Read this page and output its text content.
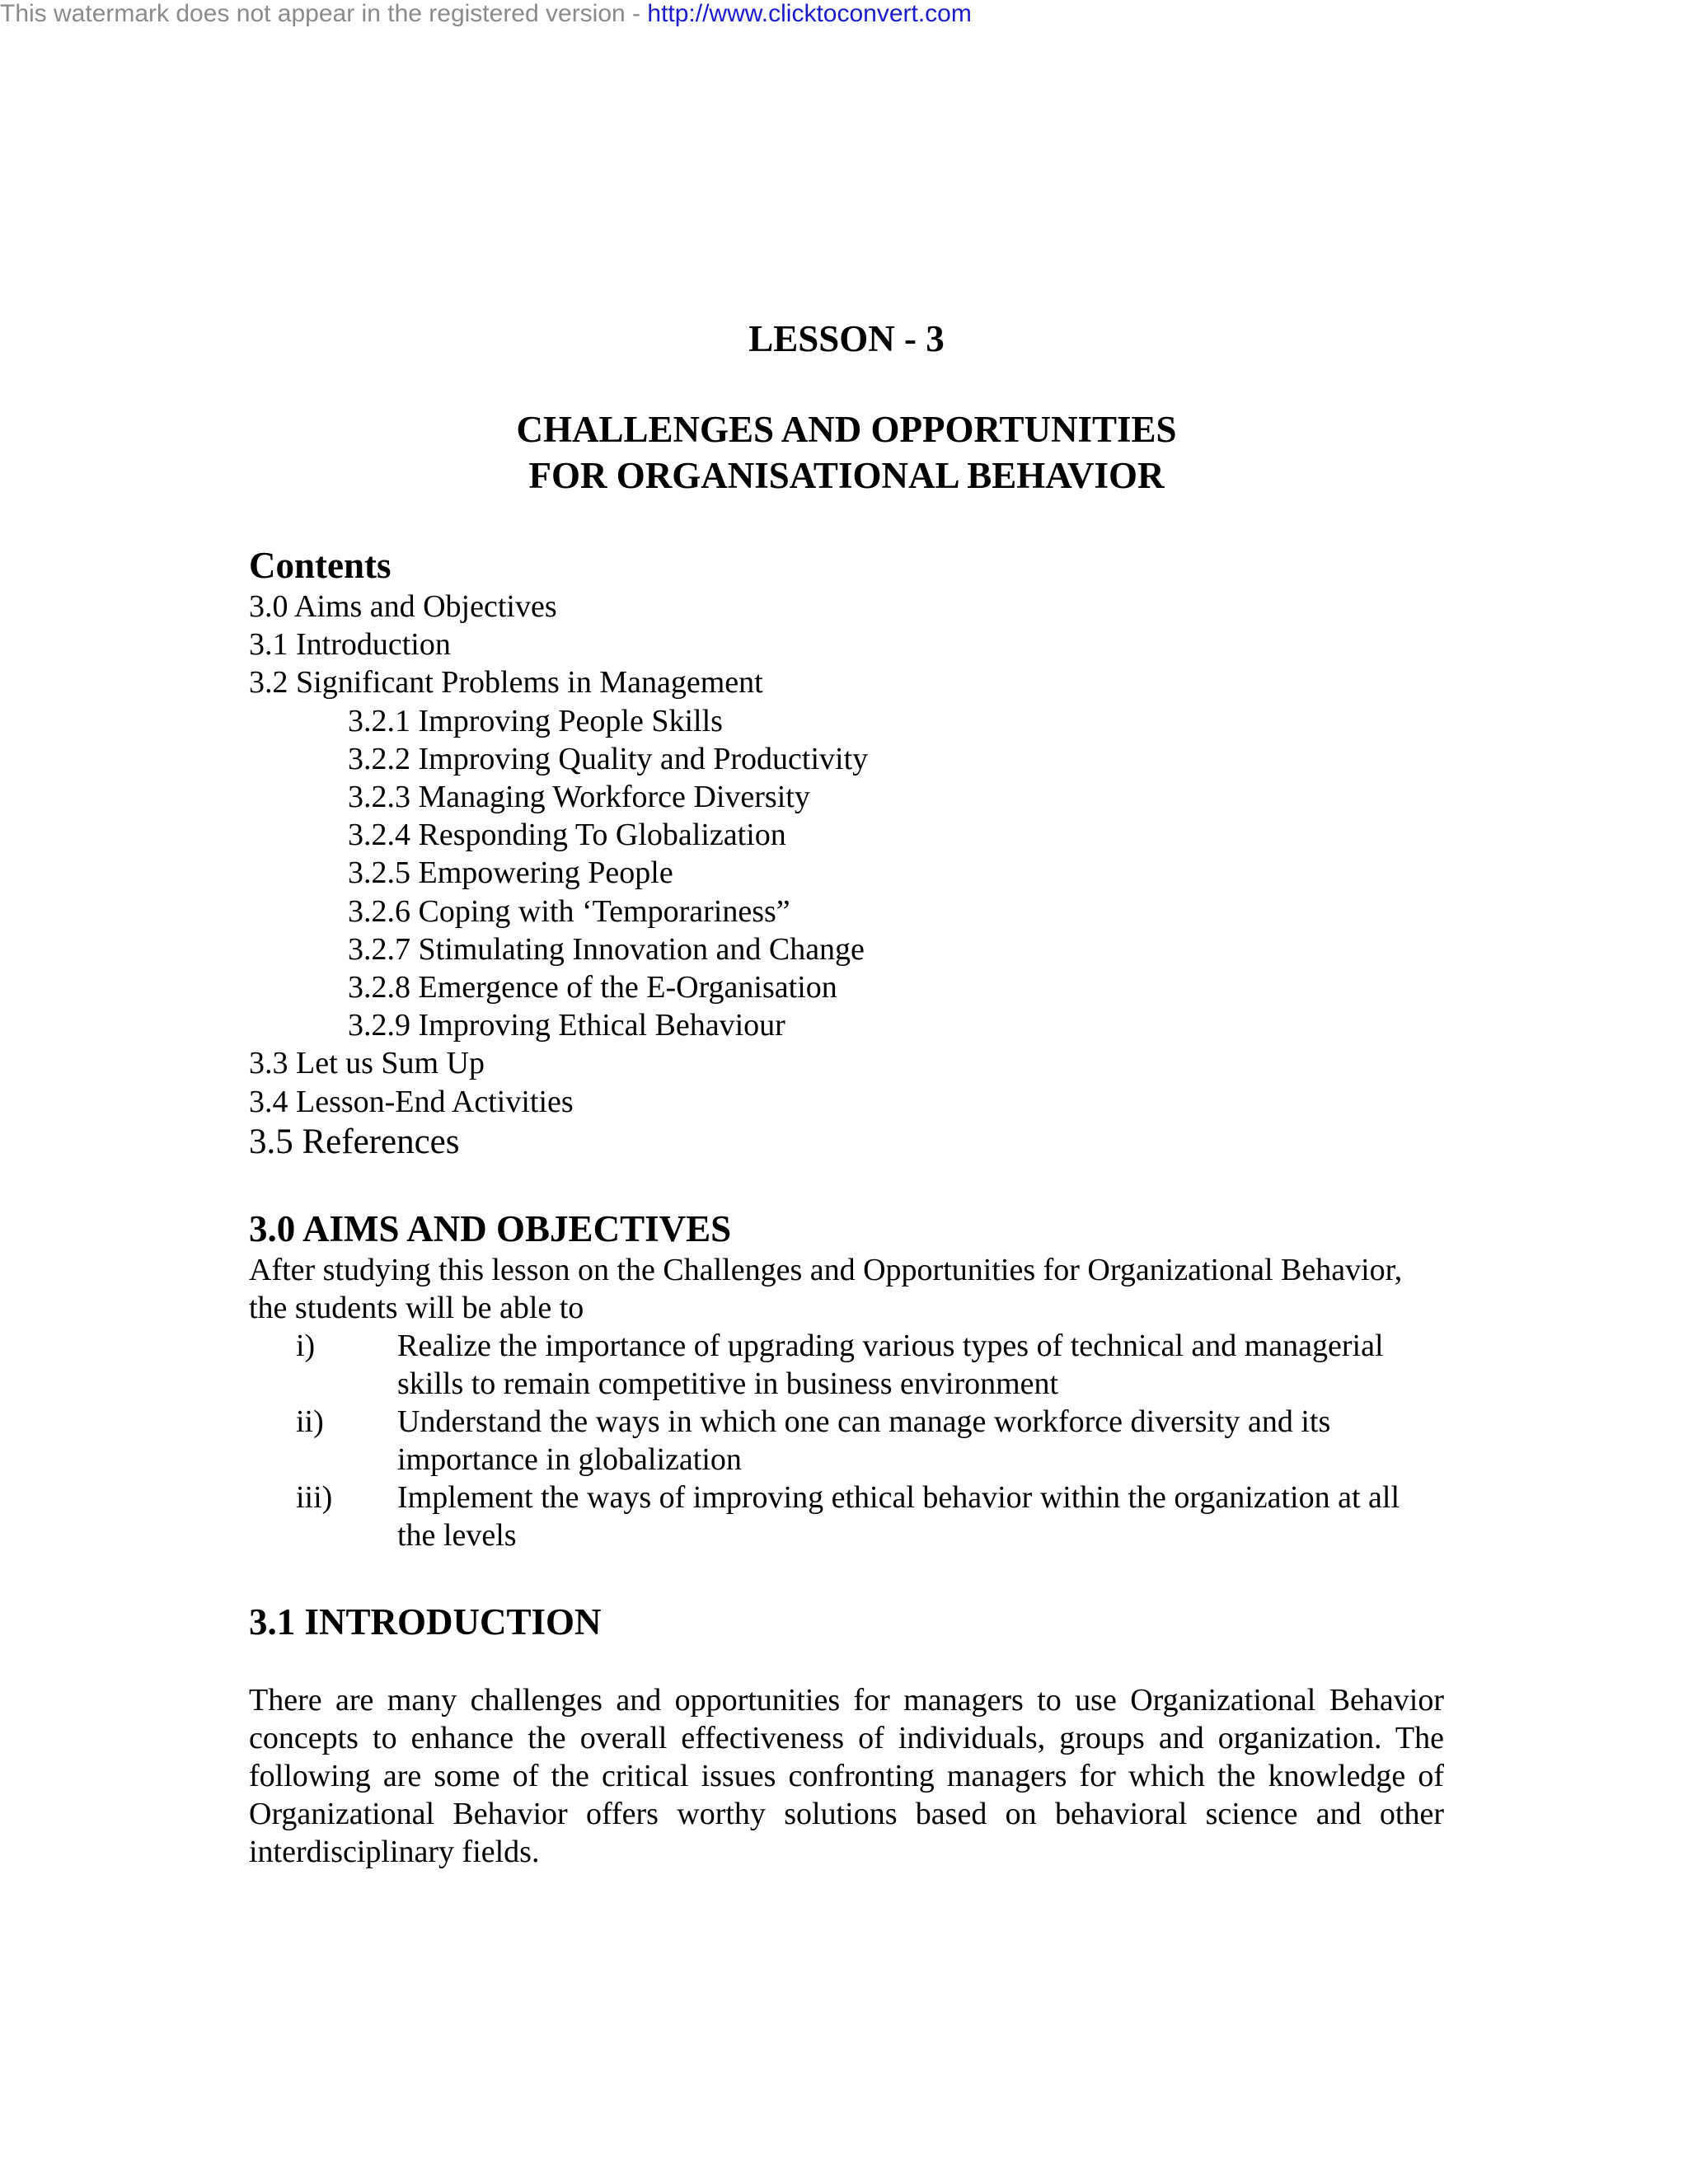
This watermark does not appear in the registered version - http://www.clicktoconvert.com
LESSON - 3
CHALLENGES AND OPPORTUNITIES
FOR ORGANISATIONAL BEHAVIOR
Contents
3.0 Aims and Objectives
3.1 Introduction
3.2 Significant Problems in Management
3.2.1 Improving People Skills
3.2.2 Improving Quality and Productivity
3.2.3 Managing Workforce Diversity
3.2.4 Responding To Globalization
3.2.5 Empowering People
3.2.6 Coping with ‘Temporariness”
3.2.7 Stimulating Innovation and Change
3.2.8 Emergence of the E-Organisation
3.2.9 Improving Ethical Behaviour
3.3 Let us Sum Up
3.4 Lesson-End Activities
3.5 References
3.0 AIMS AND OBJECTIVES
After studying this lesson on the Challenges and Opportunities for Organizational Behavior, the students will be able to
i)	Realize the importance of upgrading various types of technical and managerial skills to remain competitive in business environment
ii) Understand the ways in which one can manage workforce diversity and its importance in globalization
iii) Implement the ways of improving ethical behavior within the organization at all the levels
3.1 INTRODUCTION
There are many challenges and opportunities for managers to use Organizational Behavior concepts to enhance the overall effectiveness of individuals, groups and organization. The following are some of the critical issues confronting managers for which the knowledge of Organizational Behavior offers worthy solutions based on behavioral science and other interdisciplinary fields.
